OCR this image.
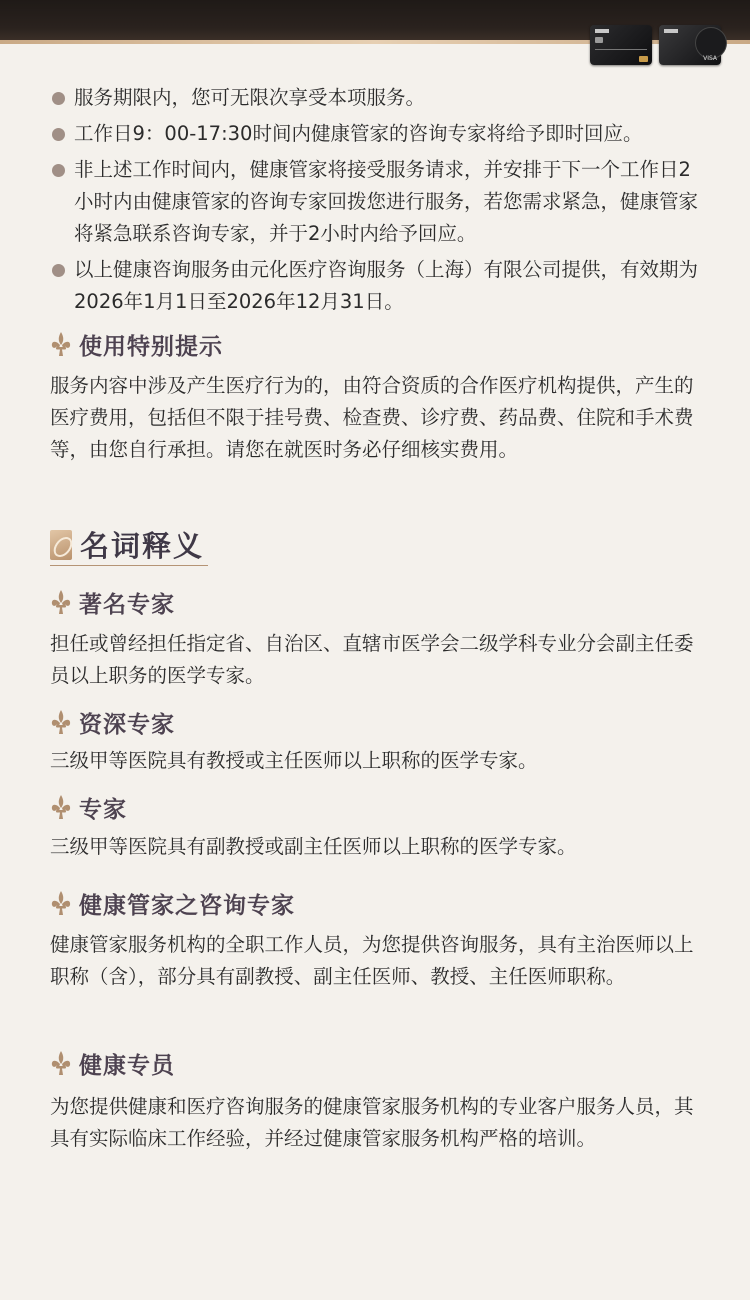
VISA
服务期限内，您可无限次享受本项服务。
工作日9：00-17:30时间内健康管家的咨询专家将给予即时回应。
非上述工作时间内，健康管家将接受服务请求，并安排于下一个工作日2小时内由健康管家的咨询专家回拨您进行服务，若您需求紧急，健康管家将紧急联系咨询专家，并于2小时内给予回应。
以上健康咨询服务由元化医疗咨询服务（上海）有限公司提供，有效期为2026年1月1日至2026年12月31日。
使用特别提示

服务内容中涉及产生医疗行为的，由符合资质的合作医疗机构提供，产生的医疗费用，包括但不限于挂号费、检查费、诊疗费、药品费、住院和手术费等，由您自行承担。请您在就医时务必仔细核实费用。

名词释义
著名专家

担任或曾经担任指定省、自治区、直辖市医学会二级学科专业分会副主任委员以上职务的医学专家。

资深专家

三级甲等医院具有教授或主任医师以上职称的医学专家。

专家

三级甲等医院具有副教授或副主任医师以上职称的医学专家。

健康管家之咨询专家

健康管家服务机构的全职工作人员，为您提供咨询服务，具有主治医师以上职称（含），部分具有副教授、副主任医师、教授、主任医师职称。

健康专员

为您提供健康和医疗咨询服务的健康管家服务机构的专业客户服务人员，其具有实际临床工作经验，并经过健康管家服务机构严格的培训。
